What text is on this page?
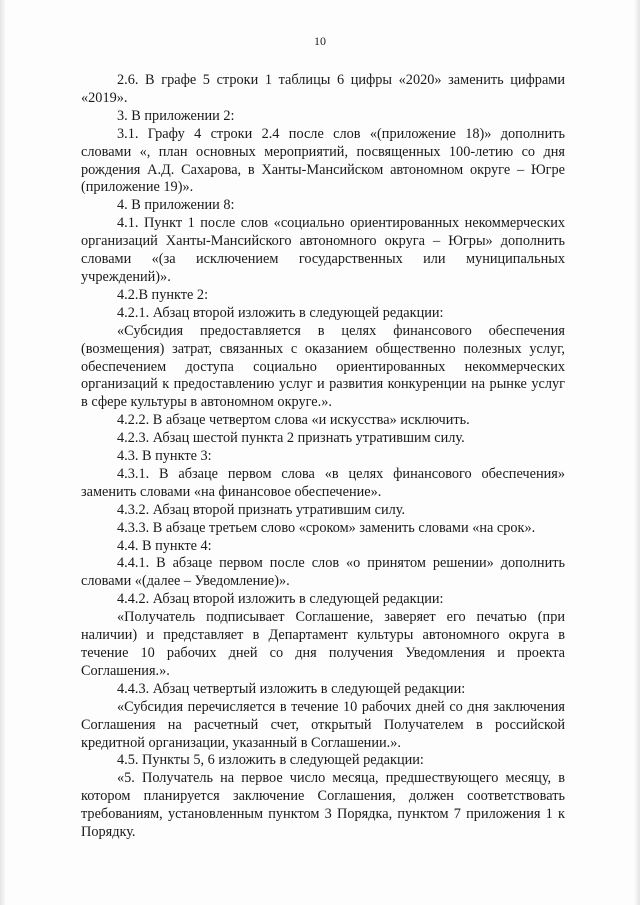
10

2.6. В графе 5 строки 1 таблицы 6 цифры «2020» заменить цифрами «2019».

3. В приложении 2:

3.1. Графу 4 строки 2.4 после слов «(приложение 18)» дополнить словами «, план основных мероприятий, посвященных 100-летию со дня рождения А.Д. Сахарова, в Ханты-Мансийском автономном округе – Югре (приложение 19)».

4. В приложении 8:

4.1. Пункт 1 после слов «социально ориентированных некоммерческих организаций Ханты-Мансийского автономного округа – Югры» дополнить словами «(за исключением государственных или муниципальных учреждений)».

4.2.В пункте 2:

4.2.1. Абзац второй изложить в следующей редакции:

«Субсидия предоставляется в целях финансового обеспечения (возмещения) затрат, связанных с оказанием общественно полезных услуг, обеспечением доступа социально ориентированных некоммерческих организаций к предоставлению услуг и развития конкуренции на рынке услуг в сфере культуры в автономном округе.».

4.2.2. В абзаце четвертом слова «и искусства» исключить.

4.2.3. Абзац шестой пункта 2 признать утратившим силу.

4.3. В пункте 3:

4.3.1. В абзаце первом слова «в целях финансового обеспечения» заменить словами «на финансовое обеспечение».

4.3.2. Абзац второй признать утратившим силу.

4.3.3. В абзаце третьем слово «сроком» заменить словами «на срок».

4.4. В пункте 4:

4.4.1. В абзаце первом после слов «о принятом решении» дополнить словами «(далее – Уведомление)».

4.4.2. Абзац второй изложить в следующей редакции:

«Получатель подписывает Соглашение, заверяет его печатью (при наличии) и представляет в Департамент культуры автономного округа в течение 10 рабочих дней со дня получения Уведомления и проекта Соглашения.».

4.4.3. Абзац четвертый изложить в следующей редакции:

«Субсидия перечисляется в течение 10 рабочих дней со дня заключения Соглашения на расчетный счет, открытый Получателем в российской кредитной организации, указанный в Соглашении.».

4.5. Пункты 5, 6 изложить в следующей редакции:

«5. Получатель на первое число месяца, предшествующего месяцу, в котором планируется заключение Соглашения, должен соответствовать требованиям, установленным пунктом 3 Порядка, пунктом 7 приложения 1 к Порядку.
